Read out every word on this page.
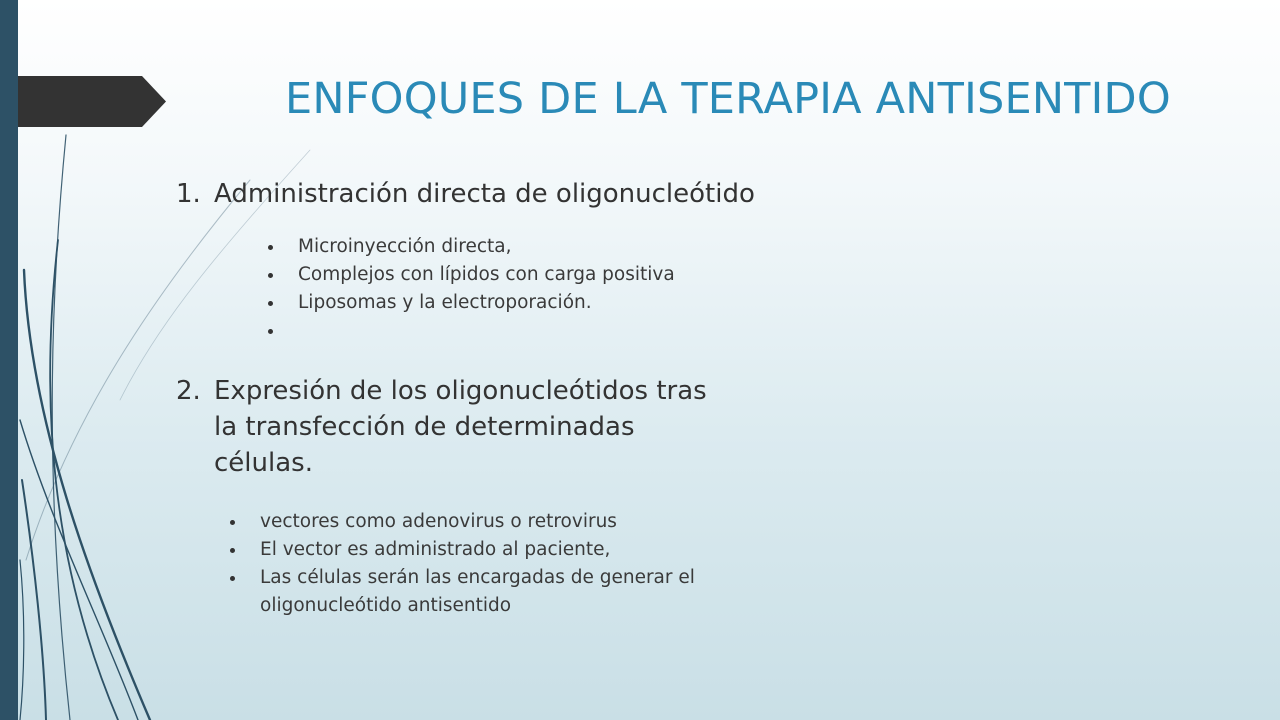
ENFOQUES DE LA TERAPIA ANTISENTIDO
1. Administración directa de oligonucleótido
Microinyección directa,
Complejos con lípidos con carga positiva
Liposomas y la electroporación.

2. Expresión de los oligonucleótidos tras
la transfección de determinadas
células.
vectores como adenovirus o retrovirus
El vector es administrado al paciente,
Las células serán las encargadas de generar el oligonucleótido antisentido
